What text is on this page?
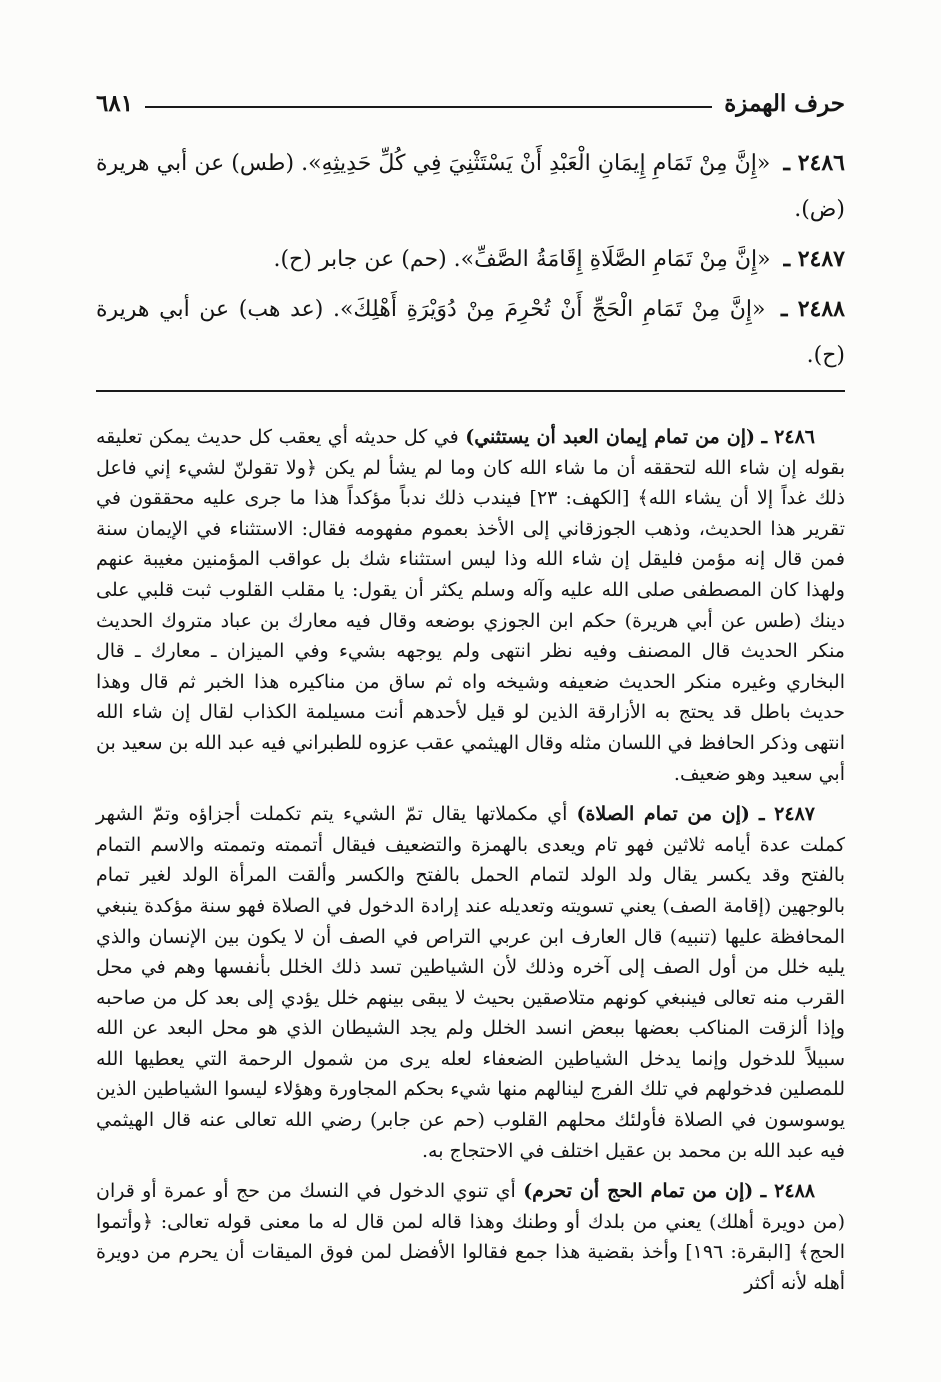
حرف الهمزة
٦٨١
٢٤٨٦ ـ «إِنَّ مِنْ تَمَامِ إِيمَانِ الْعَبْدِ أَنْ يَسْتَثْنِيَ فِي كُلِّ حَدِيثِهِ». (طس) عن أبي هريرة (ض).
٢٤٨٧ ـ «إِنَّ مِنْ تَمَامِ الصَّلَاةِ إِقَامَةُ الصَّفِّ». (حم) عن جابر (ح).
٢٤٨٨ ـ «إِنَّ مِنْ تَمَامِ الْحَجِّ أَنْ تُحْرِمَ مِنْ دُوَيْرَةِ أَهْلِكَ». (عد هب) عن أبي هريرة (ح).

٢٤٨٦ ـ (إن من تمام إيمان العبد أن يستثني) في كل حديثه أي يعقب كل حديث يمكن تعليقه بقوله إن شاء الله لتحققه أن ما شاء الله كان وما لم يشأ لم يكن ﴿ولا تقولنّ لشيء إني فاعل ذلك غداً إلا أن يشاء الله﴾ [الكهف: ٢٣] فيندب ذلك ندباً مؤكداً هذا ما جرى عليه محققون في تقرير هذا الحديث، وذهب الجوزقاني إلى الأخذ بعموم مفهومه فقال: الاستثناء في الإيمان سنة فمن قال إنه مؤمن فليقل إن شاء الله وذا ليس استثناء شك بل عواقب المؤمنين مغيبة عنهم ولهذا كان المصطفى صلى الله عليه وآله وسلم يكثر أن يقول: يا مقلب القلوب ثبت قلبي على دينك (طس عن أبي هريرة) حكم ابن الجوزي بوضعه وقال فيه معارك بن عباد متروك الحديث منكر الحديث قال المصنف وفيه نظر انتهى ولم يوجهه بشيء وفي الميزان ـ معارك ـ قال البخاري وغيره منكر الحديث ضعيفه وشيخه واه ثم ساق من مناكيره هذا الخبر ثم قال وهذا حديث باطل قد يحتج به الأزارقة الذين لو قيل لأحدهم أنت مسيلمة الكذاب لقال إن شاء الله انتهى وذكر الحافظ في اللسان مثله وقال الهيثمي عقب عزوه للطبراني فيه عبد الله بن سعيد بن أبي سعيد وهو ضعيف.

٢٤٨٧ ـ (إن من تمام الصلاة) أي مكملاتها يقال تمّ الشيء يتم تكملت أجزاؤه وتمّ الشهر كملت عدة أيامه ثلاثين فهو تام ويعدى بالهمزة والتضعيف فيقال أتممته وتممته والاسم التمام بالفتح وقد يكسر يقال ولد الولد لتمام الحمل بالفتح والكسر وألقت المرأة الولد لغير تمام بالوجهين (إقامة الصف) يعني تسويته وتعديله عند إرادة الدخول في الصلاة فهو سنة مؤكدة ينبغي المحافظة عليها (تنبيه) قال العارف ابن عربي التراص في الصف أن لا يكون بين الإنسان والذي يليه خلل من أول الصف إلى آخره وذلك لأن الشياطين تسد ذلك الخلل بأنفسها وهم في محل القرب منه تعالى فينبغي كونهم متلاصقين بحيث لا يبقى بينهم خلل يؤدي إلى بعد كل من صاحبه وإذا ألزقت المناكب بعضها ببعض انسد الخلل ولم يجد الشيطان الذي هو محل البعد عن الله سبيلاً للدخول وإنما يدخل الشياطين الضعفاء لعله يرى من شمول الرحمة التي يعطيها الله للمصلين فدخولهم في تلك الفرج لينالهم منها شيء بحكم المجاورة وهؤلاء ليسوا الشياطين الذين يوسوسون في الصلاة فأولئك محلهم القلوب (حم عن جابر) رضي الله تعالى عنه قال الهيثمي فيه عبد الله بن محمد بن عقيل اختلف في الاحتجاج به.

٢٤٨٨ ـ (إن من تمام الحج أن تحرم) أي تنوي الدخول في النسك من حج أو عمرة أو قران (من دويرة أهلك) يعني من بلدك أو وطنك وهذا قاله لمن قال له ما معنى قوله تعالى: ﴿وأتموا الحج﴾ [البقرة: ١٩٦] وأخذ بقضية هذا جمع فقالوا الأفضل لمن فوق الميقات أن يحرم من دويرة أهله لأنه أكثر
